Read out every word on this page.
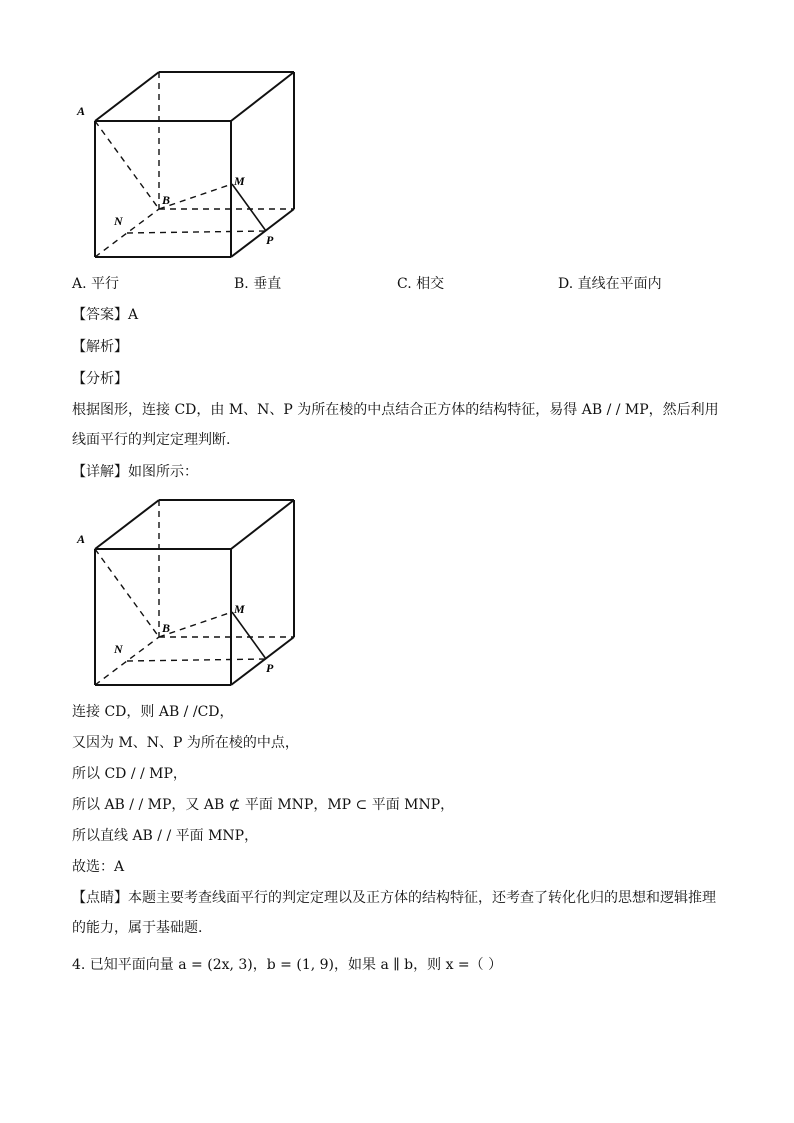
A
B
M
N
P
A. 平行	B. 垂直	C. 相交	D. 直线在平面内
【答案】A
【解析】
【分析】
根据图形，连接 CD，由 M、N、P 为所在棱的中点结合正方体的结构特征，易得 AB / / MP，然后利用
线面平行的判定定理判断.
【详解】如图所示：
A
B
M
N
P
连接 CD，则 AB / /CD，
又因为 M、N、P 为所在棱的中点，
所以 CD / / MP，
所以 AB / / MP，又 AB ⊄ 平面 MNP，MP ⊂ 平面 MNP，
所以直线 AB / / 平面 MNP，
故选：A
【点睛】本题主要考查线面平行的判定定理以及正方体的结构特征，还考查了转化化归的思想和逻辑推理
的能力，属于基础题.
4. 已知平面向量 a = (2x, 3)，b = (1, 9)，如果 a ∥ b，则 x =（ ）
